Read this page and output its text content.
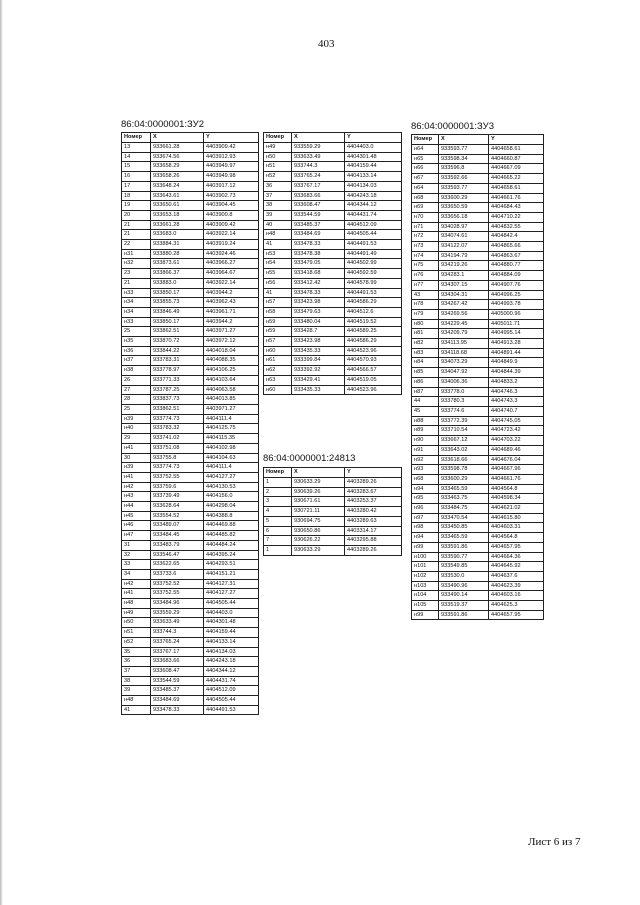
403
86:04:0000001:ЗУ2
Номер	X	Y
13	933661.28	4403909.42
14	933674.56	4403912.93
15	933658.29	4403949.97
16	933658.26	4403949.98
17	933648.24	4403917.12
18	933643.61	4403902.73
19	933650.61	4403904.45
20	933653.18	4403900.8
21	933661.28	4403909.42
21	933683.0	4403922.14
22	933884.31	4403919.24
н31	933880.28	4403924.46
н32	933873.61	4403966.27
23	933866.37	4403964.67
21	933883.0	4403922.14
н33	933850.17	4403944.2
н34	933855.73	4403962.43
н34	933846.49	4403961.71
н33	933850.17	4403944.2
25	933862.51	4403971.27
н35	933870.72	4403972.12
н36	933844.22	4404018.04
н37	933783.31	4404088.35
н38	933778.97	4404106.25
26	933771.33	4404103.64
27	933787.25	4404063.58
28	933837.73	4404013.85
25	933862.51	4403971.27
н39	933774.73	4404111.4
н40	933783.32	4404125.75
29	933741.02	4404115.35
н41	933751.08	4404102.98
30	933755.8	4404104.63
н39	933774.73	4404111.4
н41	933752.55	4404127.27
н42	933759.6	4404130.53
н43	933739.49	4404156.0
н44	933628.64	4404298.04
н45	933554.52	4404388.8
н46	933489.07	4404469.88
н47	933484.45	4404485.82
31	933483.79	4404484.24
32	933546.47	4404395.24
33	933622.65	4404293.51
34	933733.6	4404151.21
н42	933752.52	4404127.31
н41	933752.55	4404127.27
н48	933484.96	4404505.44
н49	933559.29	4404403.0
н50	933633.49	4404301.48
н51	933744.3	4404159.44
н52	933765.24	4404133.14
35	933767.17	4404134.03
36	933683.66	4404243.18
37	933608.47	4404344.12
38	933544.59	4404431.74
39	933485.37	4404512.09
н48	933484.69	4404505.44
41	933478.33	4404491.53
Номер	X	Y
н49	933559.29	4404403.0
н50	933633.49	4404301.48
н51	933744.3	4404159.44
н52	933765.24	4404133.14
36	933767.17	4404134.03
37	933683.66	4404243.18
38	933608.47	4404344.12
39	933544.59	4404431.74
40	933485.37	4404512.09
н48	933484.69	4404505.44
41	933478.33	4404491.53
н53	933478.38	4404491.49
н54	933479.05	4404502.99
н55	933418.68	4404592.59
н56	933412.42	4404578.99
41	933478.33	4404491.53
н57	933423.98	4404586.29
н58	933479.63	4404512.6
н59	933480.04	4404519.52
н59	933428.7	4404589.25
н57	933423.98	4404586.29
н60	933435.33	4404523.96
н61	933399.84	4404570.93
н62	933392.92	4404566.57
н63	933429.41	4404519.05
н60	933435.33	4404523.96
86:04:0000001:24813
Номер	X	Y
1	930633.29	4403289.26
2	930639.26	4403283.67
3	930671.61	4403253.37
4	930721.11	4403280.42
5	930694.75	4403289.63
6	930650.86	4403314.17
7	930626.22	4403295.88
1	930633.29	4403289.26
86:04:0000001:ЗУ3
Номер	X	Y
н64	933593.77	4404658.61
н65	933598.34	4404660.87
н66	933596.8	4404667.09
н67	933592.66	4404665.22
н64	933593.77	4404658.61
н68	933600.29	4404661.76
н69	933650.59	4404684.43
н70	933656.18	4404710.22
н71	934028.97	4404832.55
н72	934074.61	4404842.4
н73	934122.07	4404865.66
н74	934194.79	4404863.67
н75	934219.26	4404880.77
н76	934283.1	4404884.09
н77	934307.15	4404907.76
43	934304.31	4404996.25
н78	934267.42	4404993.78
н79	934269.56	4405000.96
н80	934229.45	4405011.71
н81	934209.79	4404995.14
н82	934113.95	4404913.28
н83	934118.68	4404891.44
н84	934073.29	4404849.9
н85	934047.92	4404844.39
н86	934006.36	4404833.2
н87	933778.0	4404746.3
44	933780.3	4404743.3
45	933774.6	4404740.7
н88	933772.39	4404745.05
н89	933710.54	4404723.42
н90	933667.12	4404703.22
н91	933643.02	4404689.46
н92	933618.66	4404676.04
н93	933598.78	4404667.96
н68	933600.29	4404661.76
н94	933465.59	4404564.8
н95	933463.75	4404598.34
н96	933484.75	4404621.02
н97	933470.54	4404615.80
н98	933450.85	4404603.31
н94	933465.59	4404564.8
н99	933591.86	4404657.95
н100	933590.77	4404664.36
н101	933549.85	4404645.92
н102	933530.0	4404637.6
н103	933490.96	4404623.39
н104	933490.14	4404603.16
н105	933519.37	4404625.3
н99	933591.86	4404657.95
Лист 6 из 7
